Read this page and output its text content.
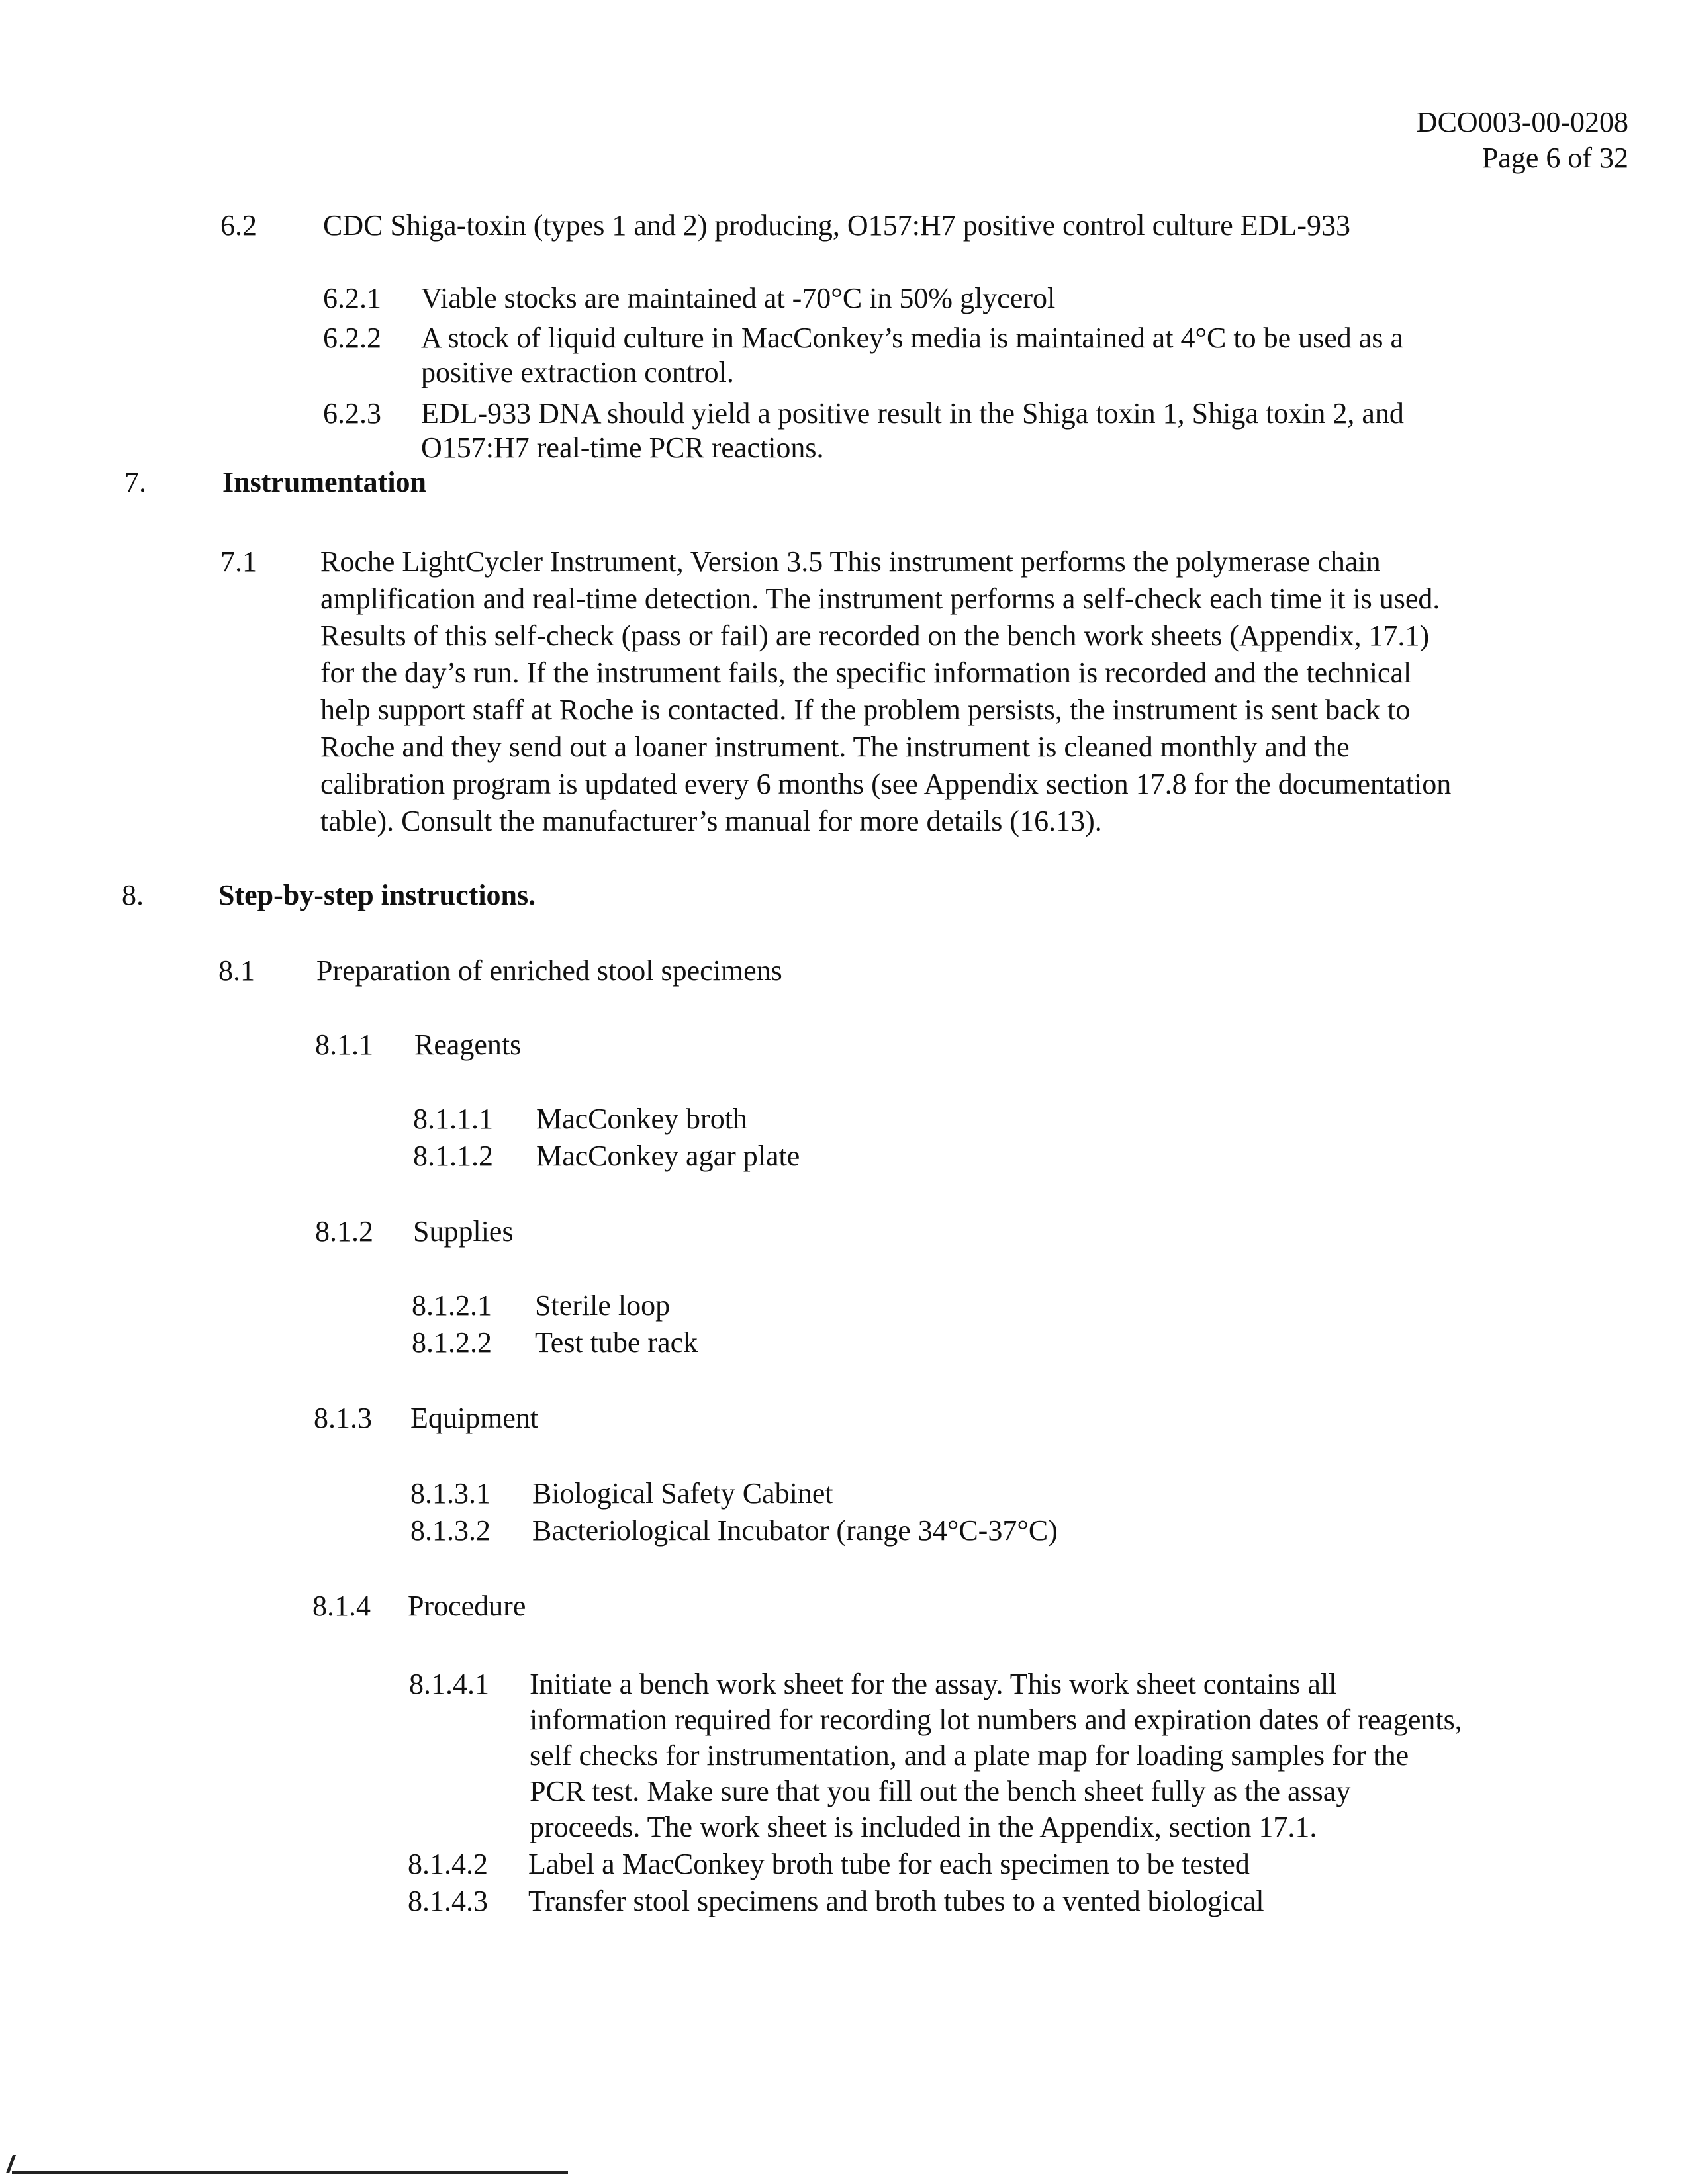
DCO003-00-0208
Page 6 of 32
6.2 CDC Shiga-toxin (types 1 and 2) producing, O157:H7 positive control culture EDL-933
6.2.1 Viable stocks are maintained at -70°C in 50% glycerol
6.2.2 A stock of liquid culture in MacConkey’s media is maintained at 4°C to be used as a
positive extraction control.
6.2.3 EDL-933 DNA should yield a positive result in the Shiga toxin 1, Shiga toxin 2, and
O157:H7 real-time PCR reactions.
7.	Instrumentation
7.1 Roche LightCycler Instrument, Version 3.5 This instrument performs the polymerase chain
amplification and real-time detection. The instrument performs a self-check each time it is used.
Results of this self-check (pass or fail) are recorded on the bench work sheets (Appendix, 17.1)
for the day’s run. If the instrument fails, the specific information is recorded and the technical
help support staff at Roche is contacted. If the problem persists, the instrument is sent back to
Roche and they send out a loaner instrument. The instrument is cleaned monthly and the
calibration program is updated every 6 months (see Appendix section 17.8 for the documentation
table). Consult the manufacturer’s manual for more details (16.13).
8.	Step-by-step instructions.
8.1 Preparation of enriched stool specimens
8.1.1 Reagents
8.1.1.1 MacConkey broth
8.1.1.2 MacConkey agar plate
8.1.2 Supplies
8.1.2.1 Sterile loop
8.1.2.2 Test tube rack
8.1.3 Equipment
8.1.3.1 Biological Safety Cabinet
8.1.3.2 Bacteriological Incubator (range 34°C-37°C)
8.1.4 Procedure
8.1.4.1 Initiate a bench work sheet for the assay. This work sheet contains all
information required for recording lot numbers and expiration dates of reagents,
self checks for instrumentation, and a plate map for loading samples for the
PCR test. Make sure that you fill out the bench sheet fully as the assay
proceeds. The work sheet is included in the Appendix, section 17.1.
8.1.4.2 Label a MacConkey broth tube for each specimen to be tested
8.1.4.3 Transfer stool specimens and broth tubes to a vented biological
